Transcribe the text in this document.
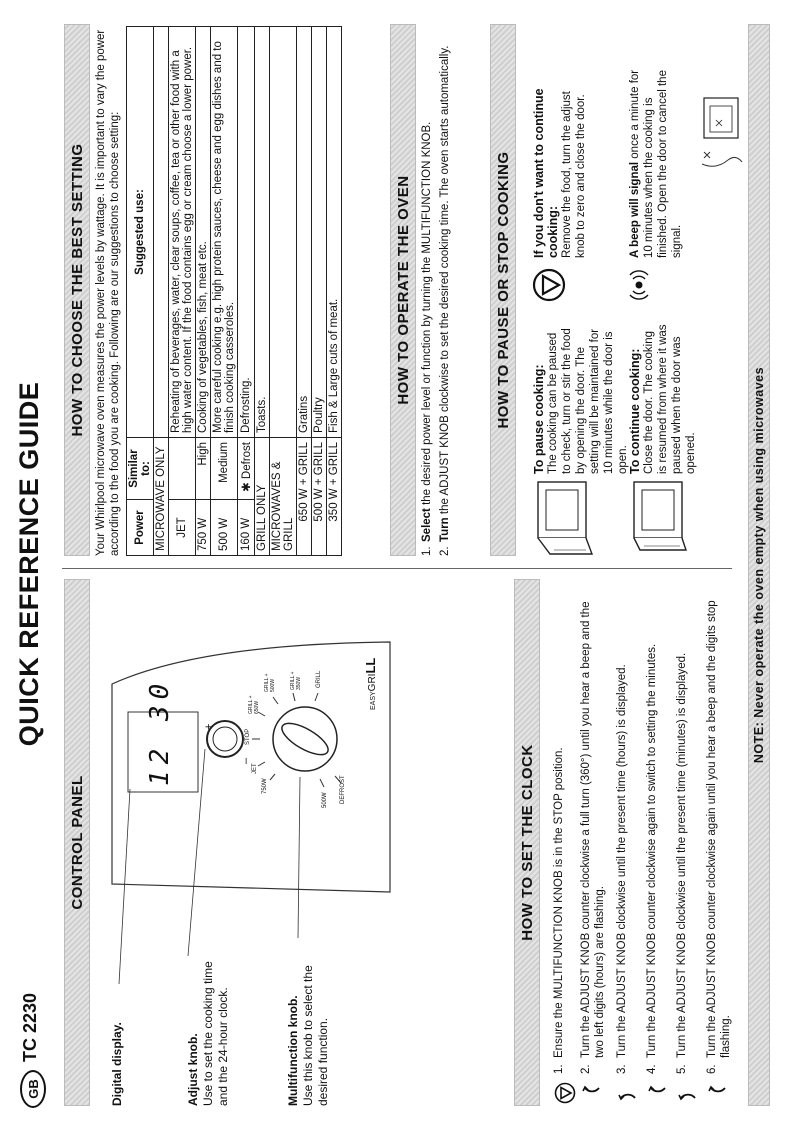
GB
TC 2230
QUICK REFERENCE GUIDE
CONTROL PANEL
12 30	+
–
750W
JET
STOP
GRILL + 650W
GRILL + 500W	GRILL + 350W GRILL
500W DEFROST
EASYGRILL
Digital display.	Adjust knob. Use to set the cooking time and the 24-hour clock.	Multifunction knob. Use this knob to select the desired function.
HOW TO SET THE CLOCK
1.
Ensure the MULTIFUNCTION KNOB is in the STOP position.
2.
Turn the ADJUST KNOB counter clockwise a full turn (360°) until you hear a beep and the two left digits (hours) are flashing.
3.
Turn the ADJUST KNOB clockwise until the present time (hours) is displayed.
4.
Turn the ADJUST KNOB counter clockwise again to switch to setting the minutes.
5.
Turn the ADJUST KNOB clockwise until the present time (minutes) is displayed.
6.
Turn the ADJUST KNOB counter clockwise again until you hear a beep and the digits stop flashing.
HOW TO CHOOSE THE BEST SETTING Your Whirlpool microwave oven measures the power levels by wattage. It is important to vary the power according to the food you are cooking. Following are our suggestions to choose setting: Power	Similar to:	Suggested use:
MICROWAVE ONLY		
JET		Reheating of beverages, water, clear soups, coffee, tea or other food with a high water content. If the food contains egg or cream choose a lower power.
750 W	High	Cooking of vegetables, fish, meat etc.
500 W	Medium	More careful cooking e.g. high protein sauces, cheese and egg dishes and to finish cooking casseroles.
160 W	✱ Defrost	Defrosting.
GRILL ONLY		Toasts.
MICROWAVES & GRILL		
650 W + GRILL		Gratins
500 W + GRILL		Poultry
350 W + GRILL		Fish & Large cuts of meat.	HOW TO OPERATE THE OVEN
1.
Select the desired power level or function by turning the MULTIFUNCTION KNOB.
2.
Turn the ADJUST KNOB clockwise to set the desired cooking time. The oven starts automatically.	HOW TO PAUSE OR STOP COOKING To pause cooking: The cooking can be paused to check, turn or stir the food by opening the door. The setting will be maintained for 10 minutes while the door is open. To continue cooking: Close the door. The cooking is resumed from where it was paused when the door was opened.
If you don't want to continue cooking: Remove the food, turn the adjust knob to zero and close the door.	A beep will signal once a minute for 10 minutes when the cooking is finished. Open the door to cancel the signal.
NOTE: Never operate the oven empty when using microwaves
